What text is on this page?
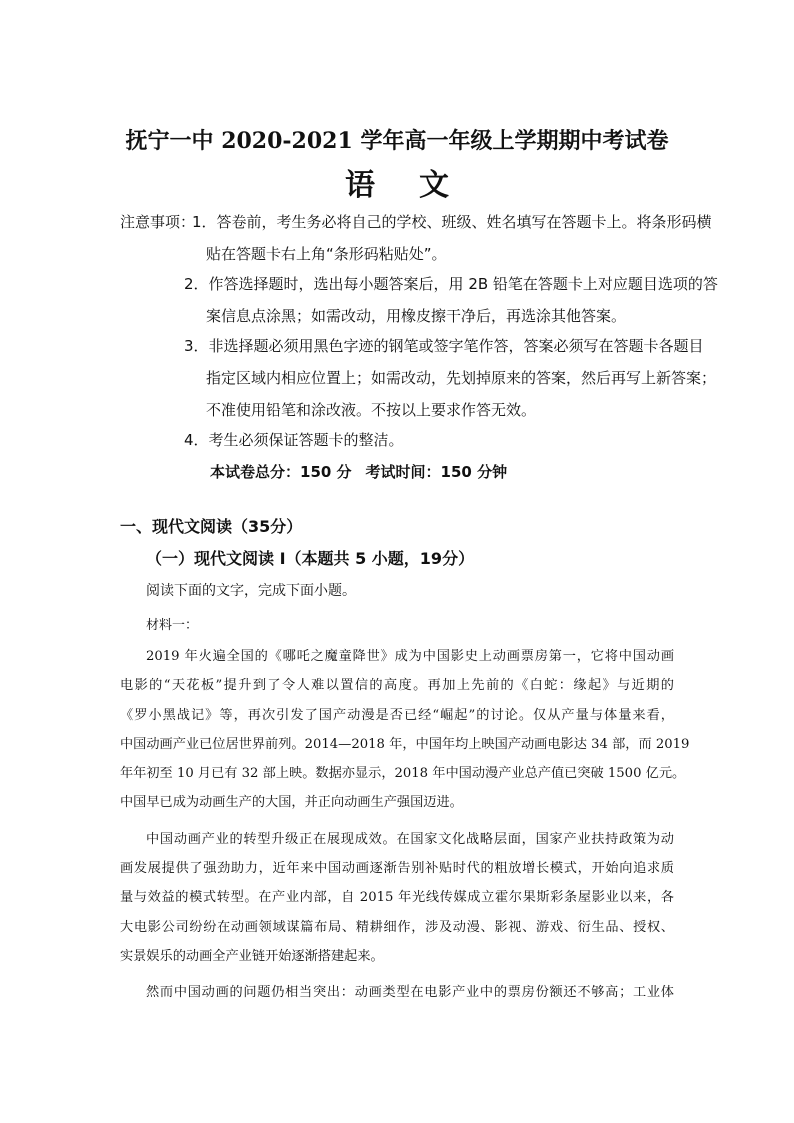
抚宁一中 2020-2021 学年高一年级上学期期中考试卷
语 文
注意事项：
1．答卷前，考生务必将自己的学校、班级、姓名填写在答题卡上。将条形码横
贴在答题卡右上角“条形码粘贴处”。
2．作答选择题时，选出每小题答案后，用 2B 铅笔在答题卡上对应题目选项的答
案信息点涂黑；如需改动，用橡皮擦干净后，再选涂其他答案。
3．非选择题必须用黑色字迹的钢笔或签字笔作答，答案必须写在答题卡各题目
指定区域内相应位置上；如需改动，先划掉原来的答案，然后再写上新答案；
不准使用铅笔和涂改液。不按以上要求作答无效。
4．考生必须保证答题卡的整洁。
本试卷总分：150 分 考试时间：150 分钟
一、现代文阅读（35分）
（一）现代文阅读 I（本题共 5 小题，19分）
阅读下面的文字，完成下面小题。
材料一：
2019 年火遍全国的《哪吒之魔童降世》成为中国影史上动画票房第一，它将中国动画
电影的“天花板”提升到了令人难以置信的高度。再加上先前的《白蛇：缘起》与近期的
《罗小黑战记》等，再次引发了国产动漫是否已经“崛起”的讨论。仅从产量与体量来看，
中国动画产业已位居世界前列。2014—2018 年，中国年均上映国产动画电影达 34 部，而 2019
年年初至 10 月已有 32 部上映。数据亦显示，2018 年中国动漫产业总产值已突破 1500 亿元。
中国早已成为动画生产的大国，并正向动画生产强国迈进。
中国动画产业的转型升级正在展现成效。在国家文化战略层面，国家产业扶持政策为动
画发展提供了强劲助力，近年来中国动画逐渐告别补贴时代的粗放增长模式，开始向追求质
量与效益的模式转型。在产业内部，自 2015 年光线传媒成立霍尔果斯彩条屋影业以来，各
大电影公司纷纷在动画领域谋篇布局、精耕细作，涉及动漫、影视、游戏、衍生品、授权、
实景娱乐的动画全产业链开始逐渐搭建起来。
然而中国动画的问题仍相当突出：动画类型在电影产业中的票房份额还不够高；工业体
